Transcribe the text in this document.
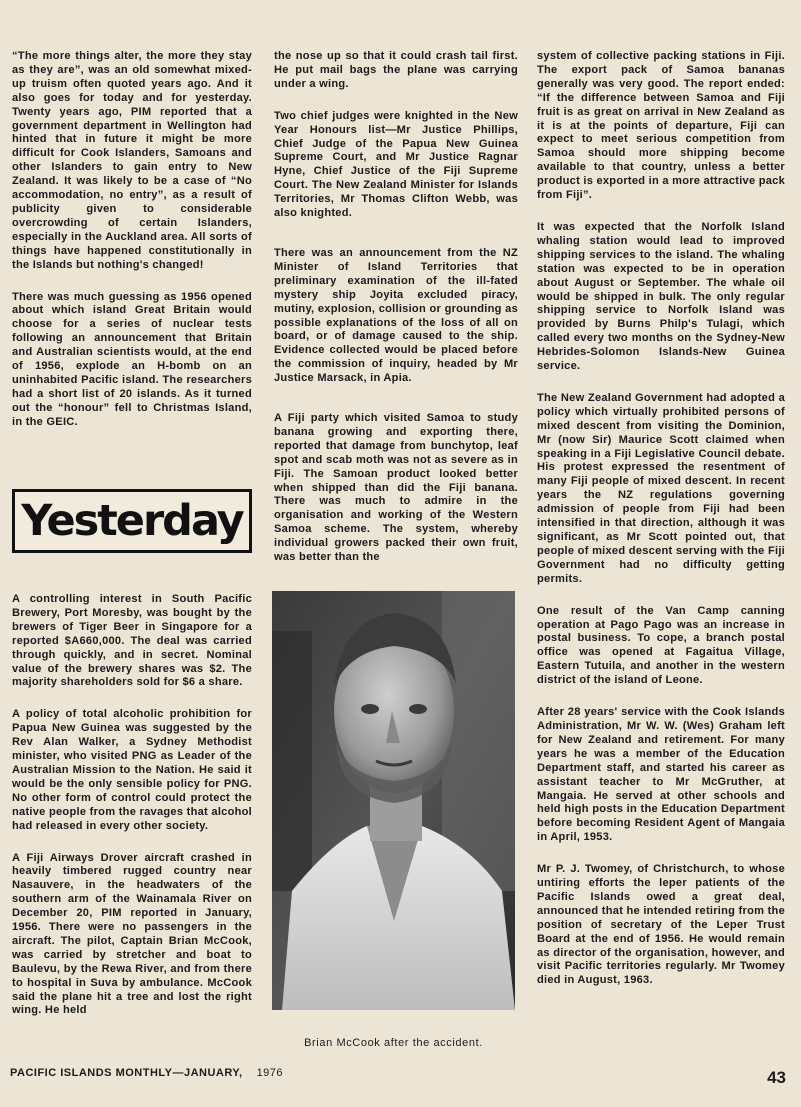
“The more things alter, the more they stay as they are”, was an old somewhat mixed-up truism often quoted years ago. And it also goes for today and for yesterday. Twenty years ago, PIM reported that a government department in Wellington had hinted that in future it might be more difficult for Cook Islanders, Samoans and other Islanders to gain entry to New Zealand. It was likely to be a case of “No accommodation, no entry”, as a result of publicity given to considerable overcrowding of certain Islanders, especially in the Auckland area. All sorts of things have happened constitutionally in the Islands but nothing's changed!

There was much guessing as 1956 opened about which island Great Britain would choose for a series of nuclear tests following an announcement that Britain and Australian scientists would, at the end of 1956, explode an H-bomb on an uninhabited Pacific island. The researchers had a short list of 20 islands. As it turned out the “honour” fell to Christmas Island, in the GEIC.

Yesterday

A controlling interest in South Pacific Brewery, Port Moresby, was bought by the brewers of Tiger Beer in Singapore for a reported $A660,000. The deal was carried through quickly, and in secret. Nominal value of the brewery shares was $2. The majority shareholders sold for $6 a share.

A policy of total alcoholic prohibition for Papua New Guinea was suggested by the Rev Alan Walker, a Sydney Methodist minister, who visited PNG as Leader of the Australian Mission to the Nation. He said it would be the only sensible policy for PNG. No other form of control could protect the native people from the ravages that alcohol had released in every other society.

A Fiji Airways Drover aircraft crashed in heavily timbered rugged country near Nasauvere, in the headwaters of the southern arm of the Wainamala River on December 20, PIM reported in January, 1956. There were no passengers in the aircraft. The pilot, Captain Brian McCook, was carried by stretcher and boat to Baulevu, by the Rewa River, and from there to hospital in Suva by ambulance. McCook said the plane hit a tree and lost the right wing. He held

the nose up so that it could crash tail first. He put mail bags the plane was carrying under a wing.

Two chief judges were knighted in the New Year Honours list—Mr Justice Phillips, Chief Judge of the Papua New Guinea Supreme Court, and Mr Justice Ragnar Hyne, Chief Justice of the Fiji Supreme Court. The New Zealand Minister for Islands Territories, Mr Thomas Clifton Webb, was also knighted.

There was an announcement from the NZ Minister of Island Territories that preliminary examination of the ill-fated mystery ship Joyita excluded piracy, mutiny, explosion, collision or grounding as possible explanations of the loss of all on board, or of damage caused to the ship. Evidence collected would be placed before the commission of inquiry, headed by Mr Justice Marsack, in Apia.

A Fiji party which visited Samoa to study banana growing and exporting there, reported that damage from bunchytop, leaf spot and scab moth was not as severe as in Fiji. The Samoan product looked better when shipped than did the Fiji banana. There was much to admire in the organisation and working of the Western Samoa scheme. The system, whereby individual growers packed their own fruit, was better than the

Brian McCook after the accident.

system of collective packing stations in Fiji. The export pack of Samoa bananas generally was very good. The report ended: “If the difference between Samoa and Fiji fruit is as great on arrival in New Zealand as it is at the points of departure, Fiji can expect to meet serious competition from Samoa should more shipping become available to that country, unless a better product is exported in a more attractive pack from Fiji”.

It was expected that the Norfolk Island whaling station would lead to improved shipping services to the island. The whaling station was expected to be in operation about August or September. The whale oil would be shipped in bulk. The only regular shipping service to Norfolk Island was provided by Burns Philp's Tulagi, which called every two months on the Sydney-New Hebrides-Solomon Islands-New Guinea service.

The New Zealand Government had adopted a policy which virtually prohibited persons of mixed descent from visiting the Dominion, Mr (now Sir) Maurice Scott claimed when speaking in a Fiji Legislative Council debate. His protest expressed the resentment of many Fiji people of mixed descent. In recent years the NZ regulations governing admission of people from Fiji had been intensified in that direction, although it was significant, as Mr Scott pointed out, that people of mixed descent serving with the Fiji Government had no difficulty getting permits.

One result of the Van Camp canning operation at Pago Pago was an increase in postal business. To cope, a branch postal office was opened at Fagaitua Village, Eastern Tutuila, and another in the western district of the island of Leone.

After 28 years' service with the Cook Islands Administration, Mr W. W. (Wes) Graham left for New Zealand and retirement. For many years he was a member of the Education Department staff, and started his career as assistant teacher to Mr McGruther, at Mangaia. He served at other schools and held high posts in the Education Department before becoming Resident Agent of Mangaia in April, 1953.

Mr P. J. Twomey, of Christchurch, to whose untiring efforts the leper patients of the Pacific Islands owed a great deal, announced that he intended retiring from the position of secretary of the Leper Trust Board at the end of 1956. He would remain as director of the organisation, however, and visit Pacific territories regularly. Mr Twomey died in August, 1963.

PACIFIC ISLANDS MONTHLY—JANUARY, 1976	43
